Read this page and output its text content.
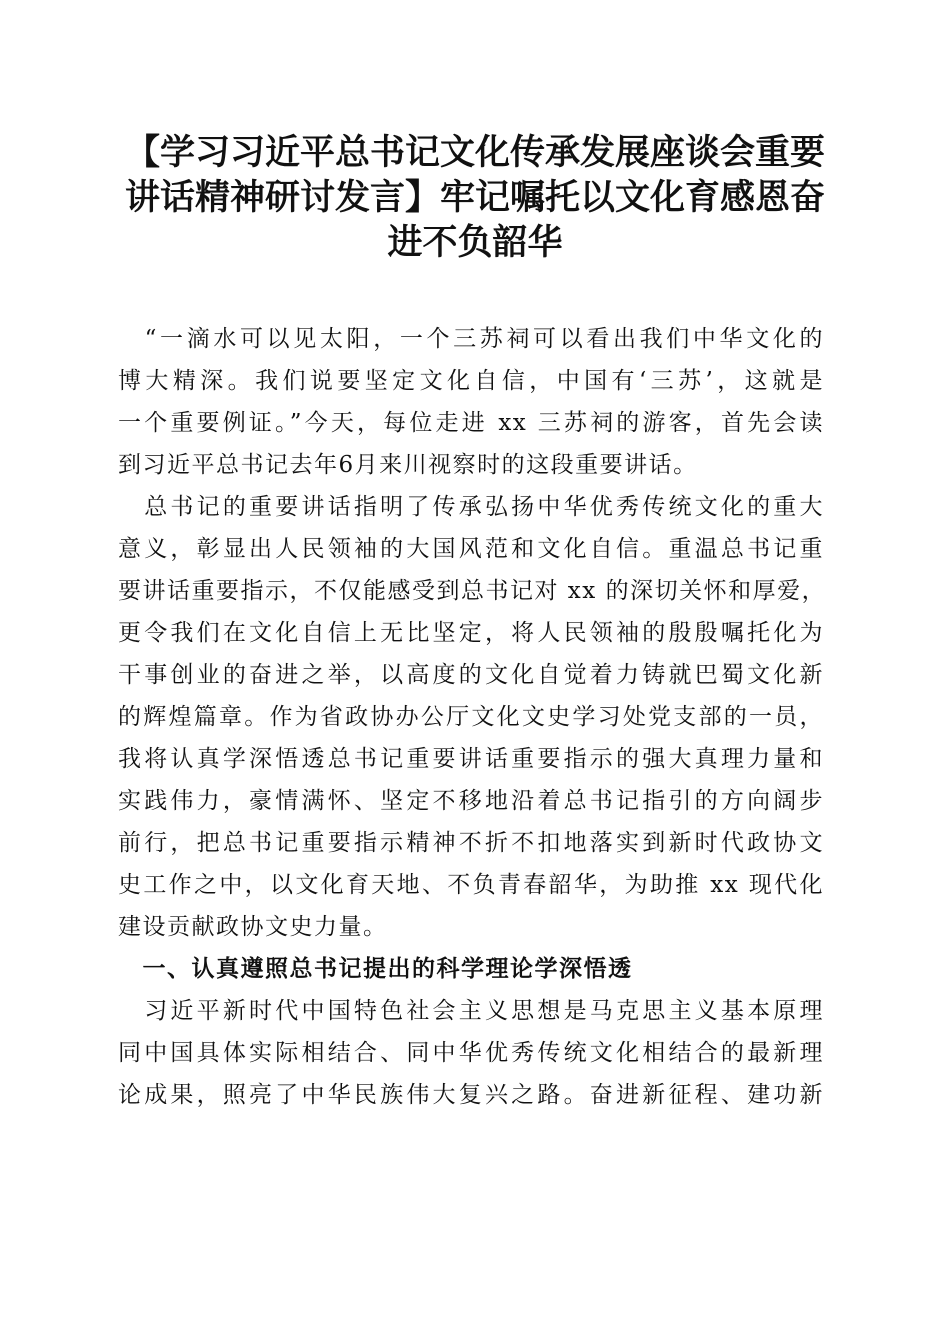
【学习习近平总书记文化传承发展座谈会重要
讲话精神研讨发言】牢记嘱托以文化育感恩奋
进不负韶华
　“一滴水可以见太阳，一个三苏祠可以看出我们中华文化的
博大精深。我们说要坚定文化自信，中国有‘三苏’，这就是
一个重要例证。”今天，每位走进 xx 三苏祠的游客，首先会读
到习近平总书记去年6月来川视察时的这段重要讲话。
　总书记的重要讲话指明了传承弘扬中华优秀传统文化的重大
意义，彰显出人民领袖的大国风范和文化自信。重温总书记重
要讲话重要指示，不仅能感受到总书记对 xx 的深切关怀和厚爱，
更令我们在文化自信上无比坚定，将人民领袖的殷殷嘱托化为
干事创业的奋进之举，以高度的文化自觉着力铸就巴蜀文化新
的辉煌篇章。作为省政协办公厅文化文史学习处党支部的一员，
我将认真学深悟透总书记重要讲话重要指示的强大真理力量和
实践伟力，豪情满怀、坚定不移地沿着总书记指引的方向阔步
前行，把总书记重要指示精神不折不扣地落实到新时代政协文
史工作之中，以文化育天地、不负青春韶华，为助推 xx 现代化
建设贡献政协文史力量。
　一、认真遵照总书记提出的科学理论学深悟透
　习近平新时代中国特色社会主义思想是马克思主义基本原理
同中国具体实际相结合、同中华优秀传统文化相结合的最新理
论成果，照亮了中华民族伟大复兴之路。奋进新征程、建功新
